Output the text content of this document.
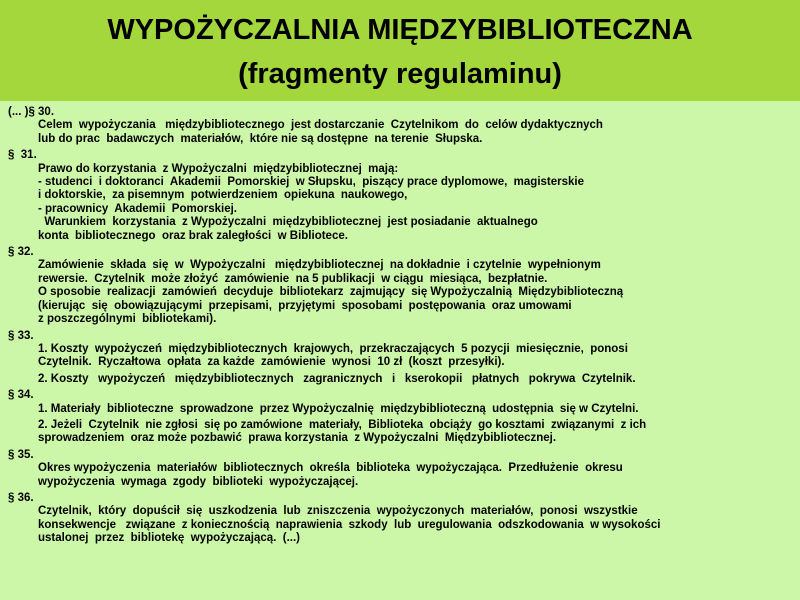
WYPOŻYCZALNIA MIĘDZYBIBLIOTECZNA
(fragmenty regulaminu)
(... )§ 30.
Celem  wypożyczania   międzybibliotecznego  jest dostarczanie  Czytelnikom  do  celów dydaktycznych
lub do prac  badawczych  materiałów,  które nie są dostępne  na terenie  Słupska.
§  31.
Prawo do korzystania  z Wypożyczalni  międzybibliotecznej  mają:
- studenci  i doktoranci  Akademii  Pomorskiej  w Słupsku,  piszący prace dyplomowe,  magisterskie
i doktorskie,  za pisemnym  potwierdzeniem  opiekuna  naukowego,
- pracownicy  Akademii  Pomorskiej.
Warunkiem  korzystania  z Wypożyczalni  międzybibliotecznej  jest posiadanie  aktualnego
konta  bibliotecznego  oraz brak zaległości  w Bibliotece.
§ 32.
Zamówienie  składa  się  w  Wypożyczalni   międzybibliotecznej  na dokładnie  i czytelnie  wypełnionym
rewersie.  Czytelnik  może złożyć  zamówienie  na 5 publikacji  w ciągu  miesiąca,  bezpłatnie.
O sposobie  realizacji  zamówień  decyduje  bibliotekarz  zajmujący  się Wypożyczalnią  Międzybiblioteczną
(kierując  się  obowiązującymi  przepisami,  przyjętymi  sposobami  postępowania  oraz umowami
z poszczególnymi  bibliotekami).
§ 33.
1. Koszty  wypożyczeń  międzybibliotecznych  krajowych,  przekraczających  5 pozycji  miesięcznie,  ponosi
Czytelnik.  Ryczałtowa  opłata  za każde  zamówienie  wynosi  10 zł  (koszt  przesyłki).
2. Koszty   wypożyczeń   międzybibliotecznych   zagranicznych   i   kserokopii   płatnych   pokrywa  Czytelnik.
§ 34.
1. Materiały  biblioteczne  sprowadzone  przez Wypożyczalnię  międzybiblioteczną  udostępnia  się w Czytelni.
2. Jeżeli  Czytelnik  nie zgłosi  się po zamówione  materiały,  Biblioteka  obciąży  go kosztami  związanymi  z ich
sprowadzeniem  oraz może pozbawić  prawa korzystania  z Wypożyczalni  Międzybibliotecznej.
§ 35.
Okres wypożyczenia  materiałów  bibliotecznych  określa  biblioteka  wypożyczająca.  Przedłużenie  okresu
wypożyczenia  wymaga  zgody  biblioteki  wypożyczającej.
§ 36.
Czytelnik,  który  dopuścił  się  uszkodzenia  lub  zniszczenia  wypożyczonych  materiałów,  ponosi  wszystkie
konsekwencje   związane  z koniecznością  naprawienia  szkody  lub  uregulowania  odszkodowania  w wysokości
ustalonej  przez  bibliotekę  wypożyczającą.  (...)
